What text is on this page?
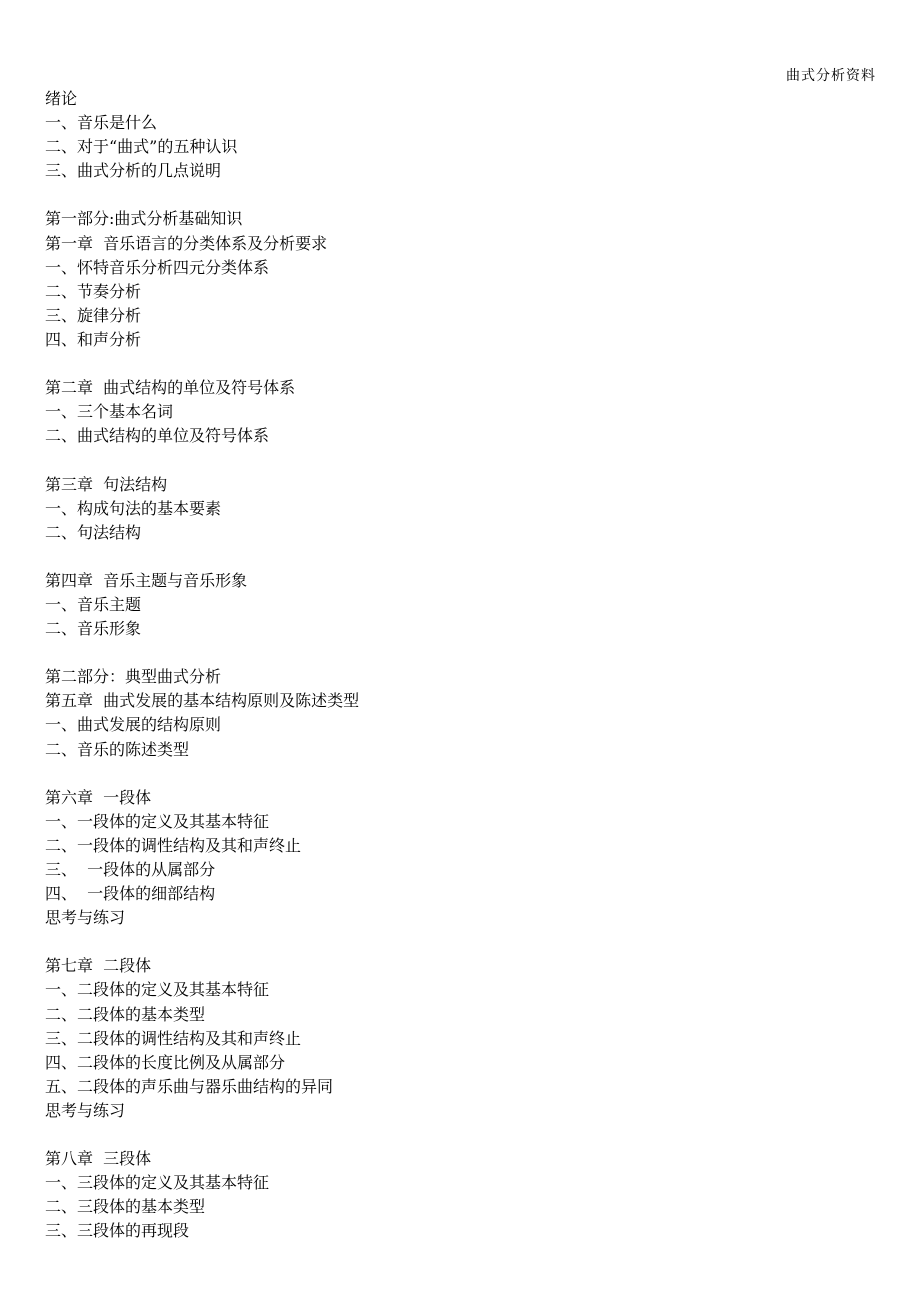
曲式分析资料
绪论
一、音乐是什么
二、对于“曲式”的五种认识
三、曲式分析的几点说明
第一部分:曲式分析基础知识
第一章  音乐语言的分类体系及分析要求
一、怀特音乐分析四元分类体系
二、节奏分析
三、旋律分析
四、和声分析
第二章  曲式结构的单位及符号体系
一、三个基本名词
二、曲式结构的单位及符号体系
第三章  句法结构
一、构成句法的基本要素
二、句法结构
第四章  音乐主题与音乐形象
一、音乐主题
二、音乐形象
第二部分：典型曲式分析
第五章  曲式发展的基本结构原则及陈述类型
一、曲式发展的结构原则
二、音乐的陈述类型
第六章  一段体
一、一段体的定义及其基本特征
二、一段体的调性结构及其和声终止
三、  一段体的从属部分
四、  一段体的细部结构
思考与练习
第七章  二段体
一、二段体的定义及其基本特征
二、二段体的基本类型
三、二段体的调性结构及其和声终止
四、二段体的长度比例及从属部分
五、二段体的声乐曲与器乐曲结构的异同
思考与练习
第八章  三段体
一、三段体的定义及其基本特征
二、三段体的基本类型
三、三段体的再现段
